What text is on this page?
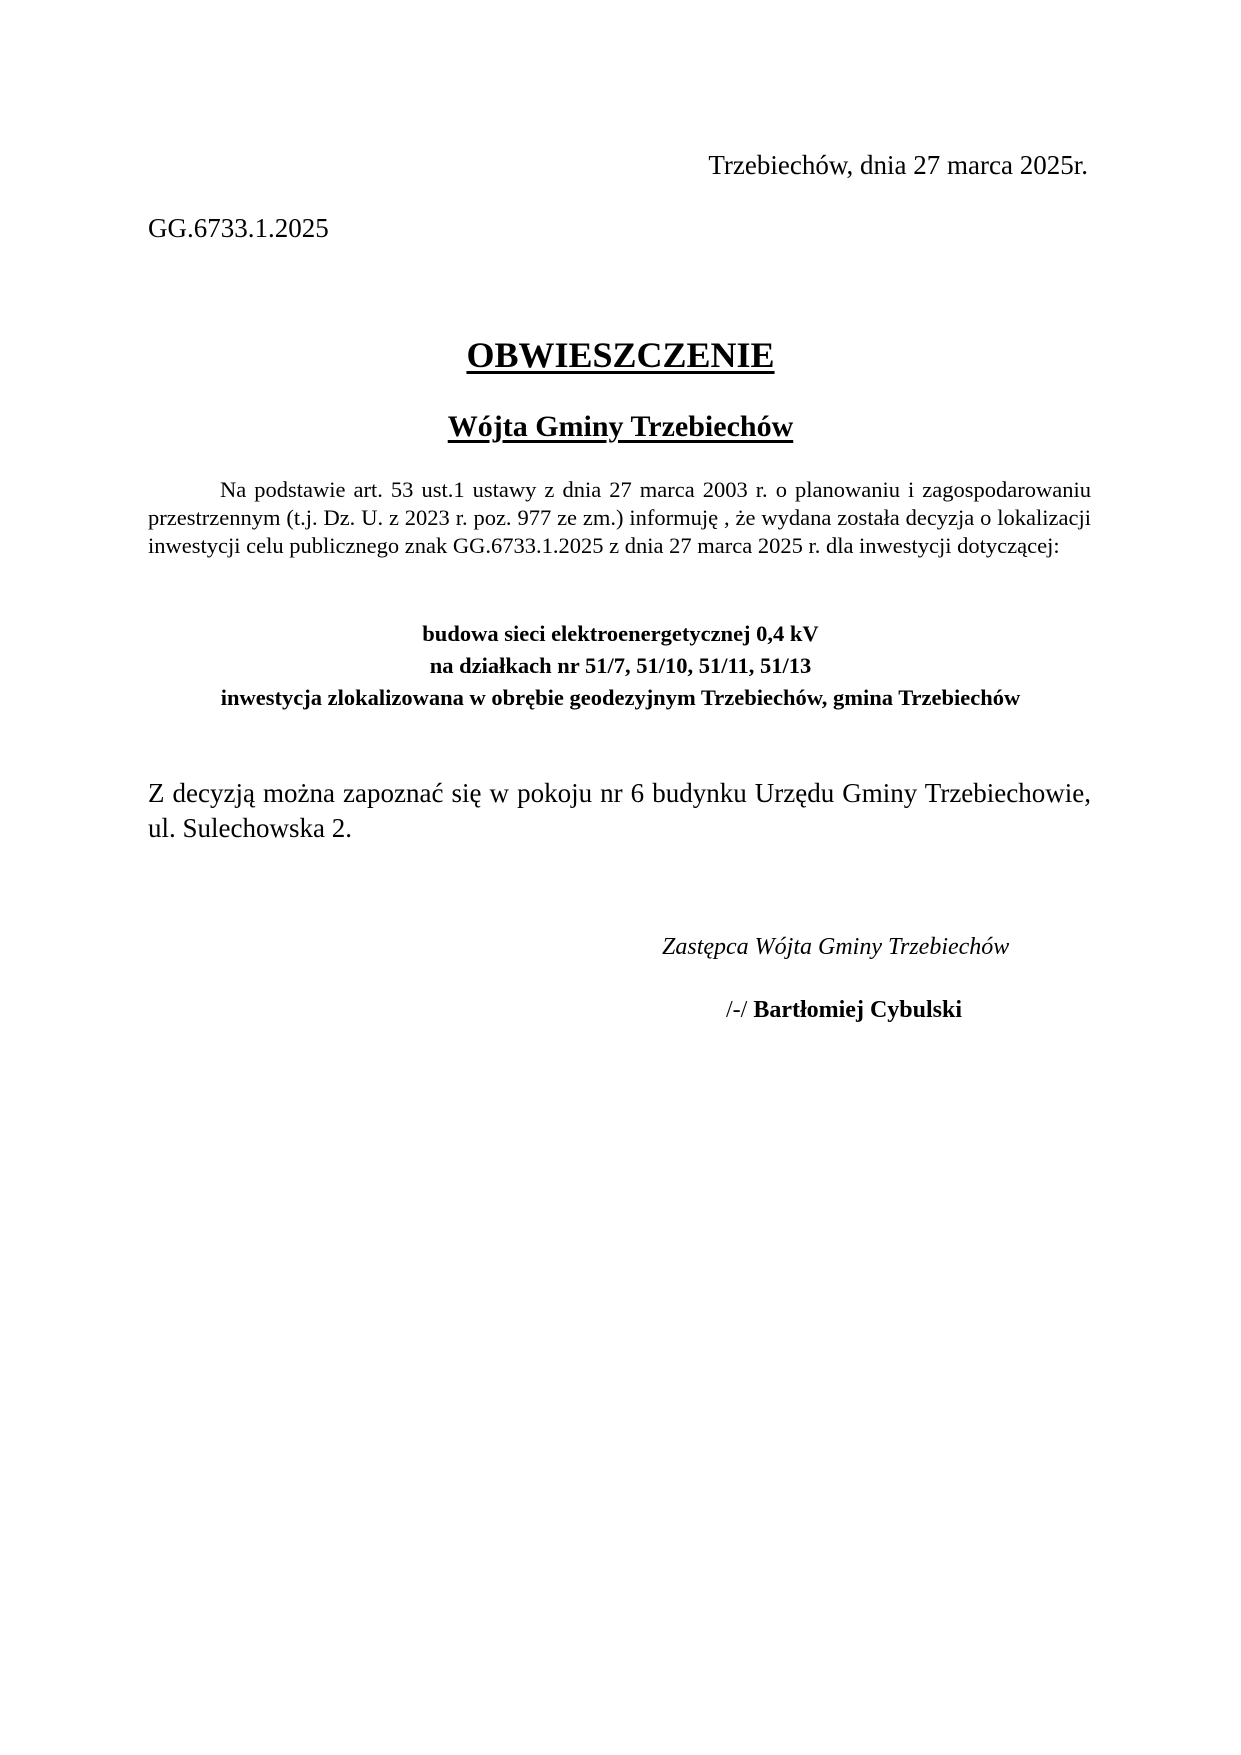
Trzebiechów, dnia 27 marca 2025r.
GG.6733.1.2025
OBWIESZCZENIE
Wójta Gminy Trzebiechów
Na podstawie art. 53 ust.1 ustawy z dnia 27 marca 2003 r. o planowaniu i zagospodarowaniu przestrzennym (t.j. Dz. U. z 2023 r. poz. 977 ze zm.) informuję , że wydana została decyzja o lokalizacji inwestycji celu publicznego znak GG.6733.1.2025 z dnia 27 marca 2025 r. dla inwestycji dotyczącej:
budowa sieci elektroenergetycznej 0,4 kV
na działkach nr 51/7, 51/10, 51/11, 51/13
inwestycja zlokalizowana w obrębie geodezyjnym Trzebiechów, gmina Trzebiechów
Z decyzją można zapoznać się w pokoju nr 6 budynku Urzędu Gminy Trzebiechowie, ul. Sulechowska 2.
Zastępca Wójta Gminy Trzebiechów
/-/ Bartłomiej Cybulski
